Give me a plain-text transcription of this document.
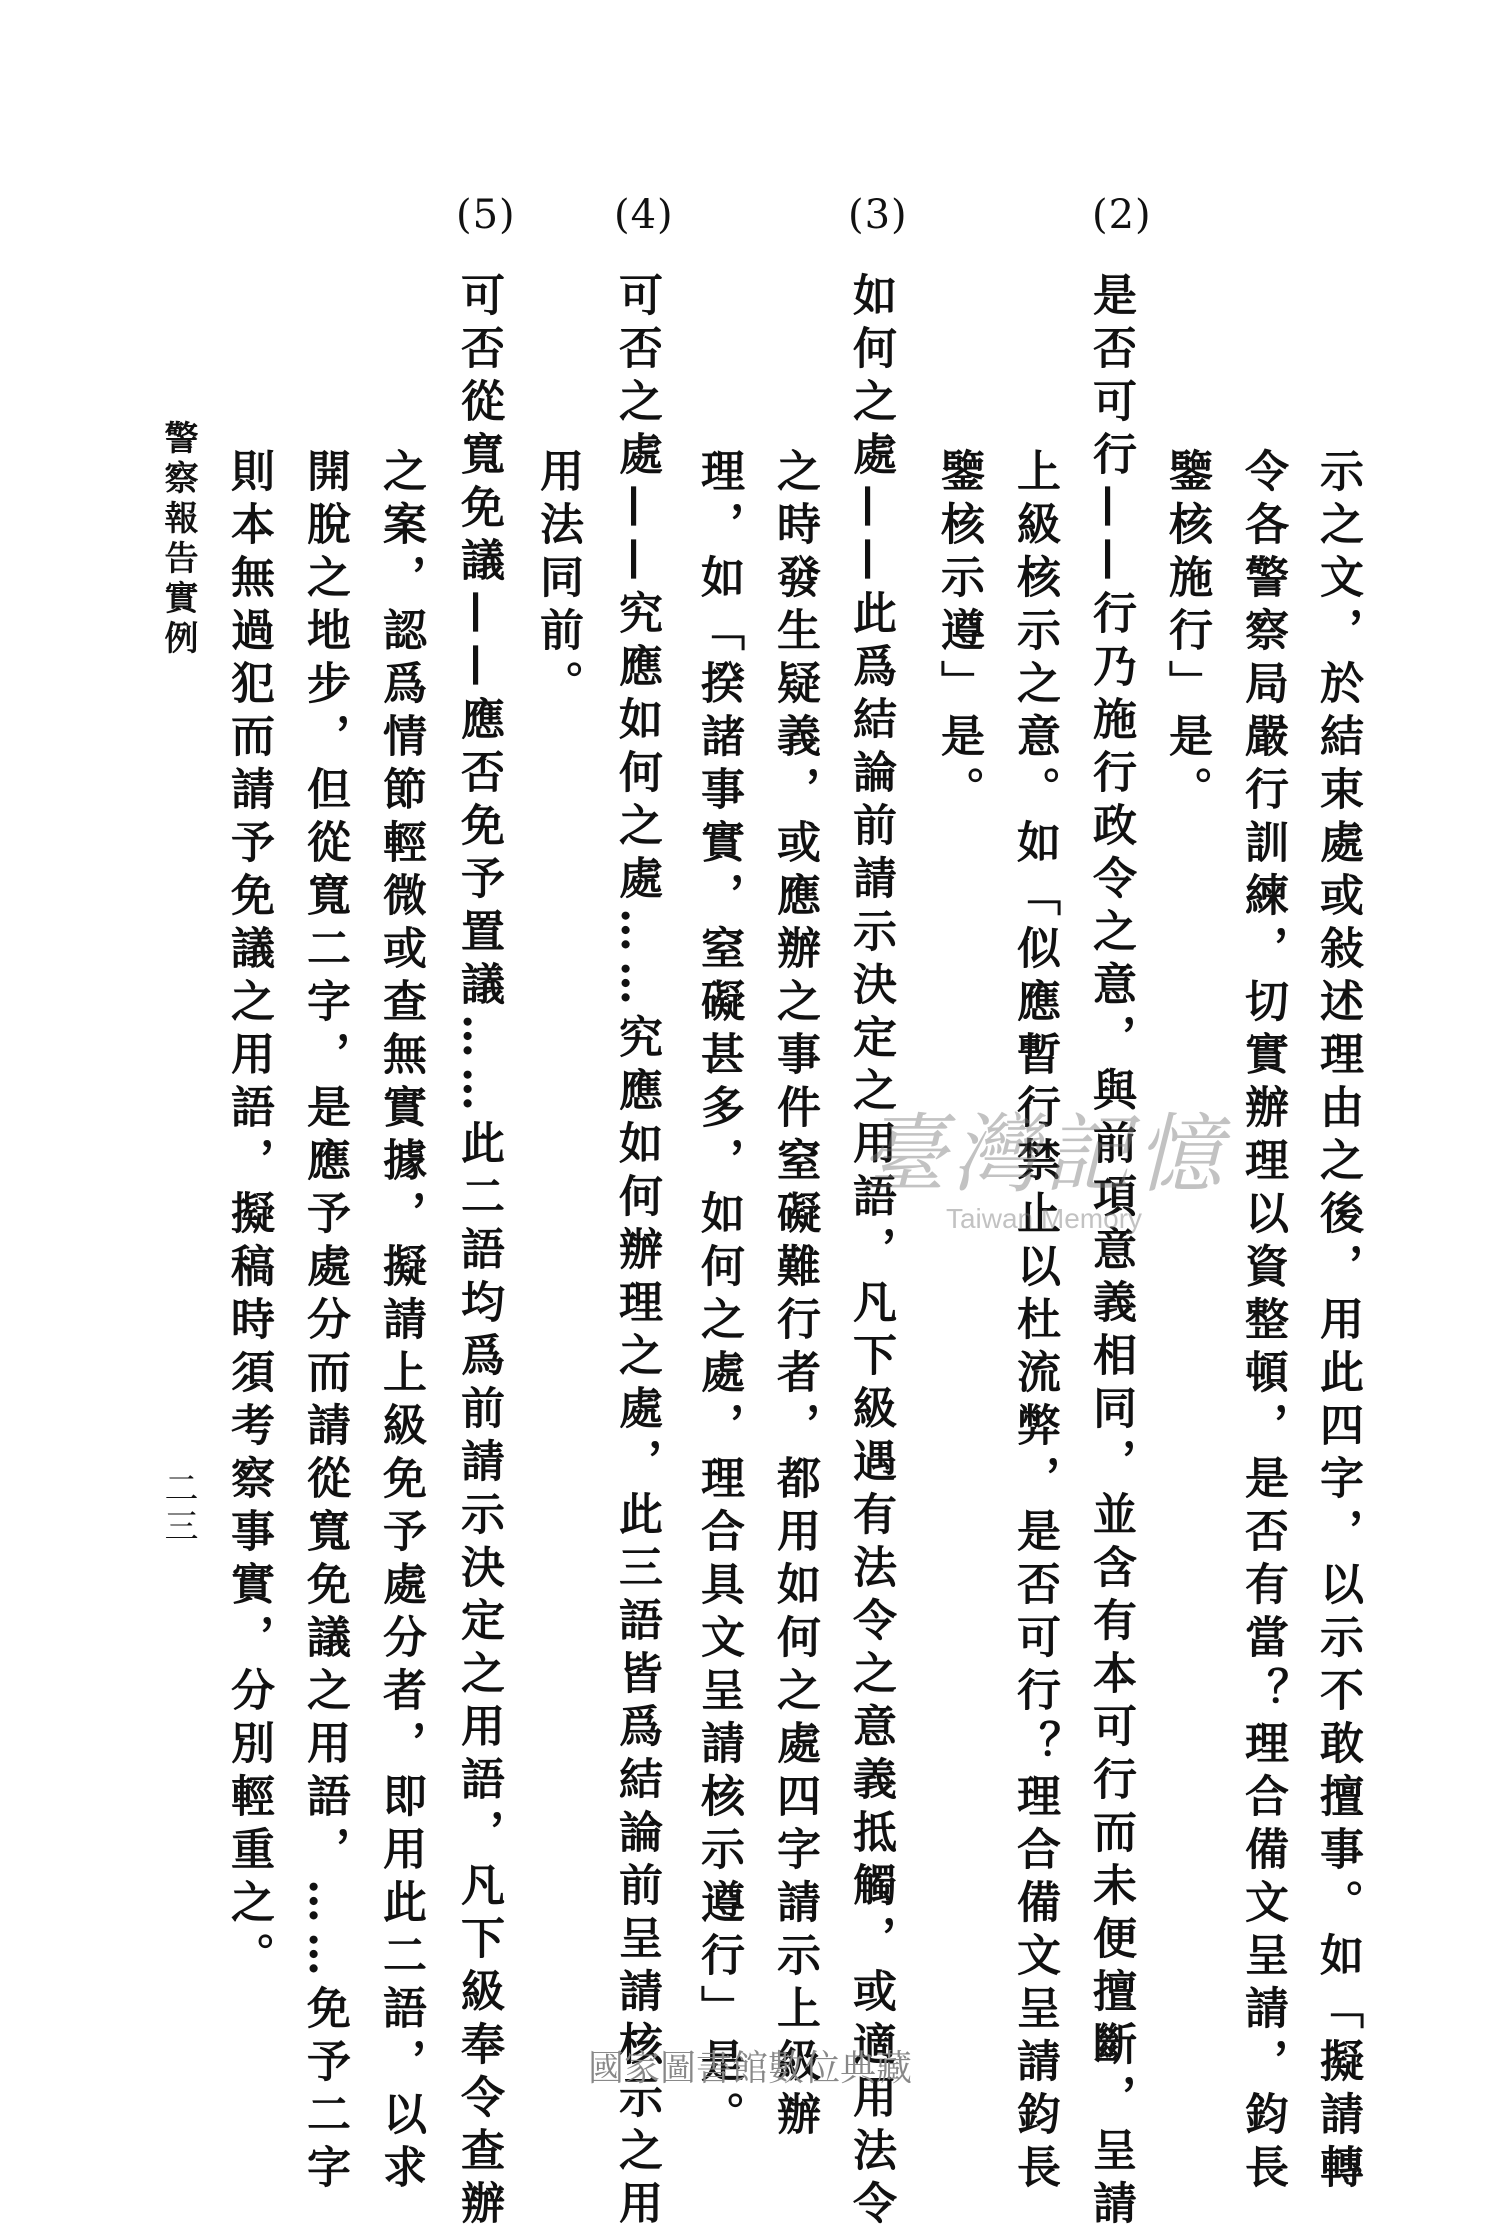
(2)
(3)
(4)
(5)
示之文，於結束處或敍述理由之後，用此四字，以示不敢擅事。如「擬請轉
令各警察局嚴行訓練，切實辦理以資整頓，是否有當？理合備文呈請，鈞長
鑒核施行」是。
是否可行——行乃施行政令之意，與前項意義相同，並含有本可行而未便擅斷，呈請
上級核示之意。如「似應暫行禁止以杜流弊，是否可行？理合備文呈請鈞長
鑒核示遵」是。
如何之處——此爲結論前請示決定之用語，凡下級遇有法令之意義抵觸，或適用法令
之時發生疑義，或應辦之事件窒礙難行者，都用如何之處四字請示上級辦
理，如「揆諸事實，窒礙甚多，如何之處，理合具文呈請核示遵行」是。
用法同前。 可否之處——究應如何之處……究應如何辦理之處，此三語皆爲結論前呈請核示之用
可否從寬免議——應否免予置議……此二語均爲前請示決定之用語，凡下級奉令查辦
之案，認爲情節輕微或查無實據，擬請上級免予處分者，即用此二語，以求
開脫之地步，但從寬二字，是應予處分而請從寬免議之用語，……免予二字
則本無過犯而請予免議之用語，擬稿時須考察事實，分別輕重之。
警察報告實例
二三
臺灣記憶
Taiwan Memory
國家圖書館數位典藏
